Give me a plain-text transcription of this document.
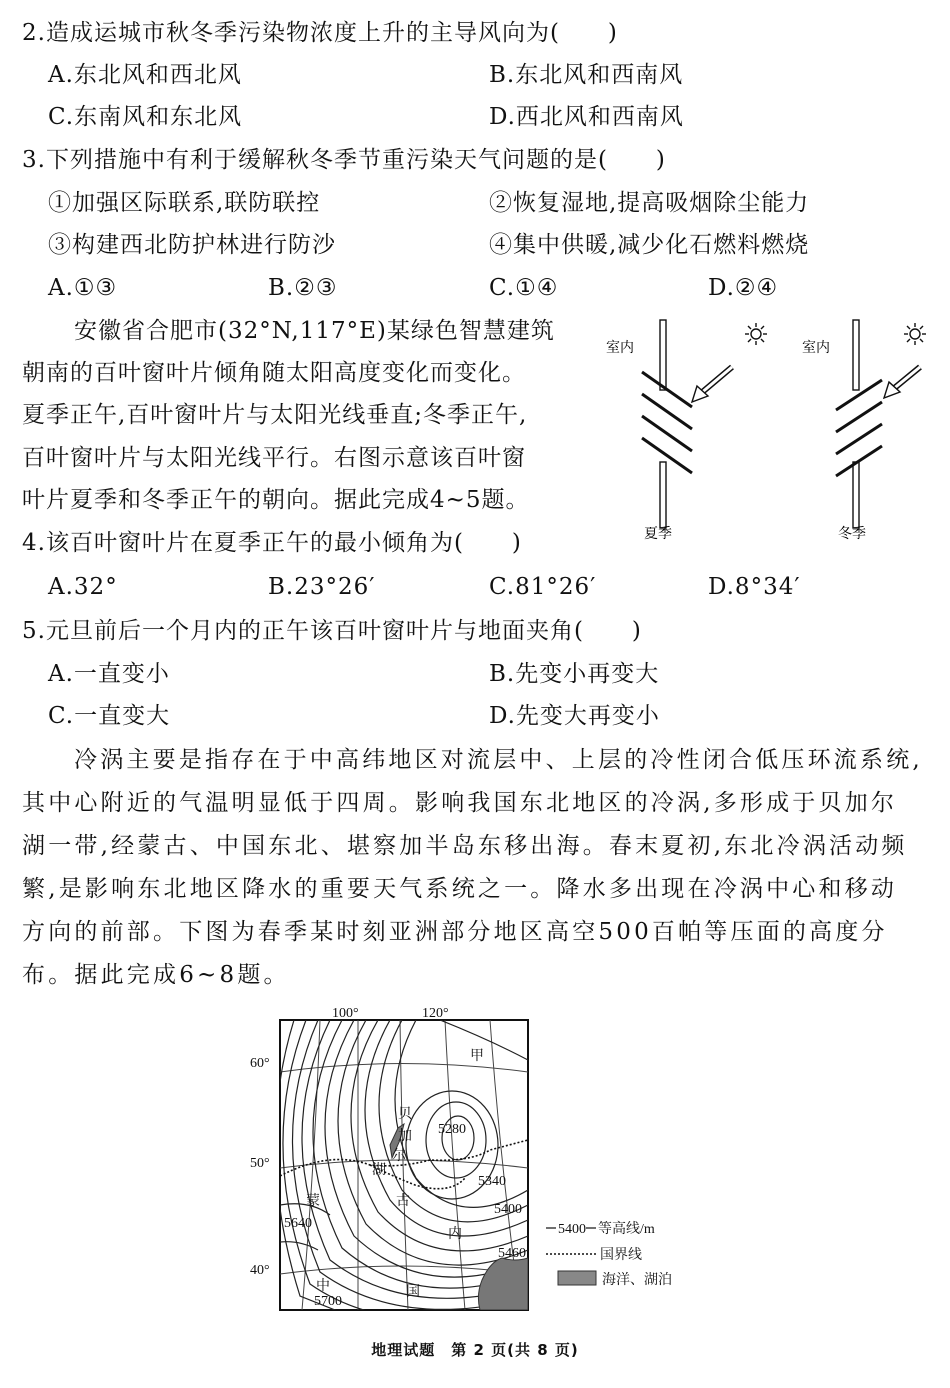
2.造成运城市秋冬季污染物浓度上升的主导风向为(　　)
A.东北风和西北风	B.东北风和西南风
C.东南风和东北风	D.西北风和西南风
3.下列措施中有利于缓解秋冬季节重污染天气问题的是(　　)
①加强区际联系,联防联控	②恢复湿地,提高吸烟除尘能力
③构建西北防护林进行防沙	④集中供暖,减少化石燃料燃烧
A.①③	B.②③	C.①④	D.②④
安徽省合肥市(32°N,117°E)某绿色智慧建筑
朝南的百叶窗叶片倾角随太阳高度变化而变化。
夏季正午,百叶窗叶片与太阳光线垂直;冬季正午,
百叶窗叶片与太阳光线平行。右图示意该百叶窗
叶片夏季和冬季正午的朝向。据此完成4~5题。
室内
夏季
室内
冬季
4.该百叶窗叶片在夏季正午的最小倾角为(　　)
A.32°	B.23°26′	C.81°26′	D.8°34′
5.元旦前后一个月内的正午该百叶窗叶片与地面夹角(　　)
A.一直变小	B.先变小再变大
C.一直变大	D.先变大再变小
冷涡主要是指存在于中高纬地区对流层中、上层的冷性闭合低压环流系统,
其中心附近的气温明显低于四周。影响我国东北地区的冷涡,多形成于贝加尔
湖一带,经蒙古、中国东北、堪察加半岛东移出海。春末夏初,东北冷涡活动频
繁,是影响东北地区降水的重要天气系统之一。降水多出现在冷涡中心和移动
方向的前部。下图为春季某时刻亚洲部分地区高空500百帕等压面的高度分
布。据此完成6~8题。
100°	120°
60°
50°
40°
甲
5280
5340
5400
5460
5640
5700
贝
加
尔
湖
蒙	古
内
中	国
5400 等高线/m
国界线
海洋、湖泊
地理试题　第 2 页(共 8 页)
